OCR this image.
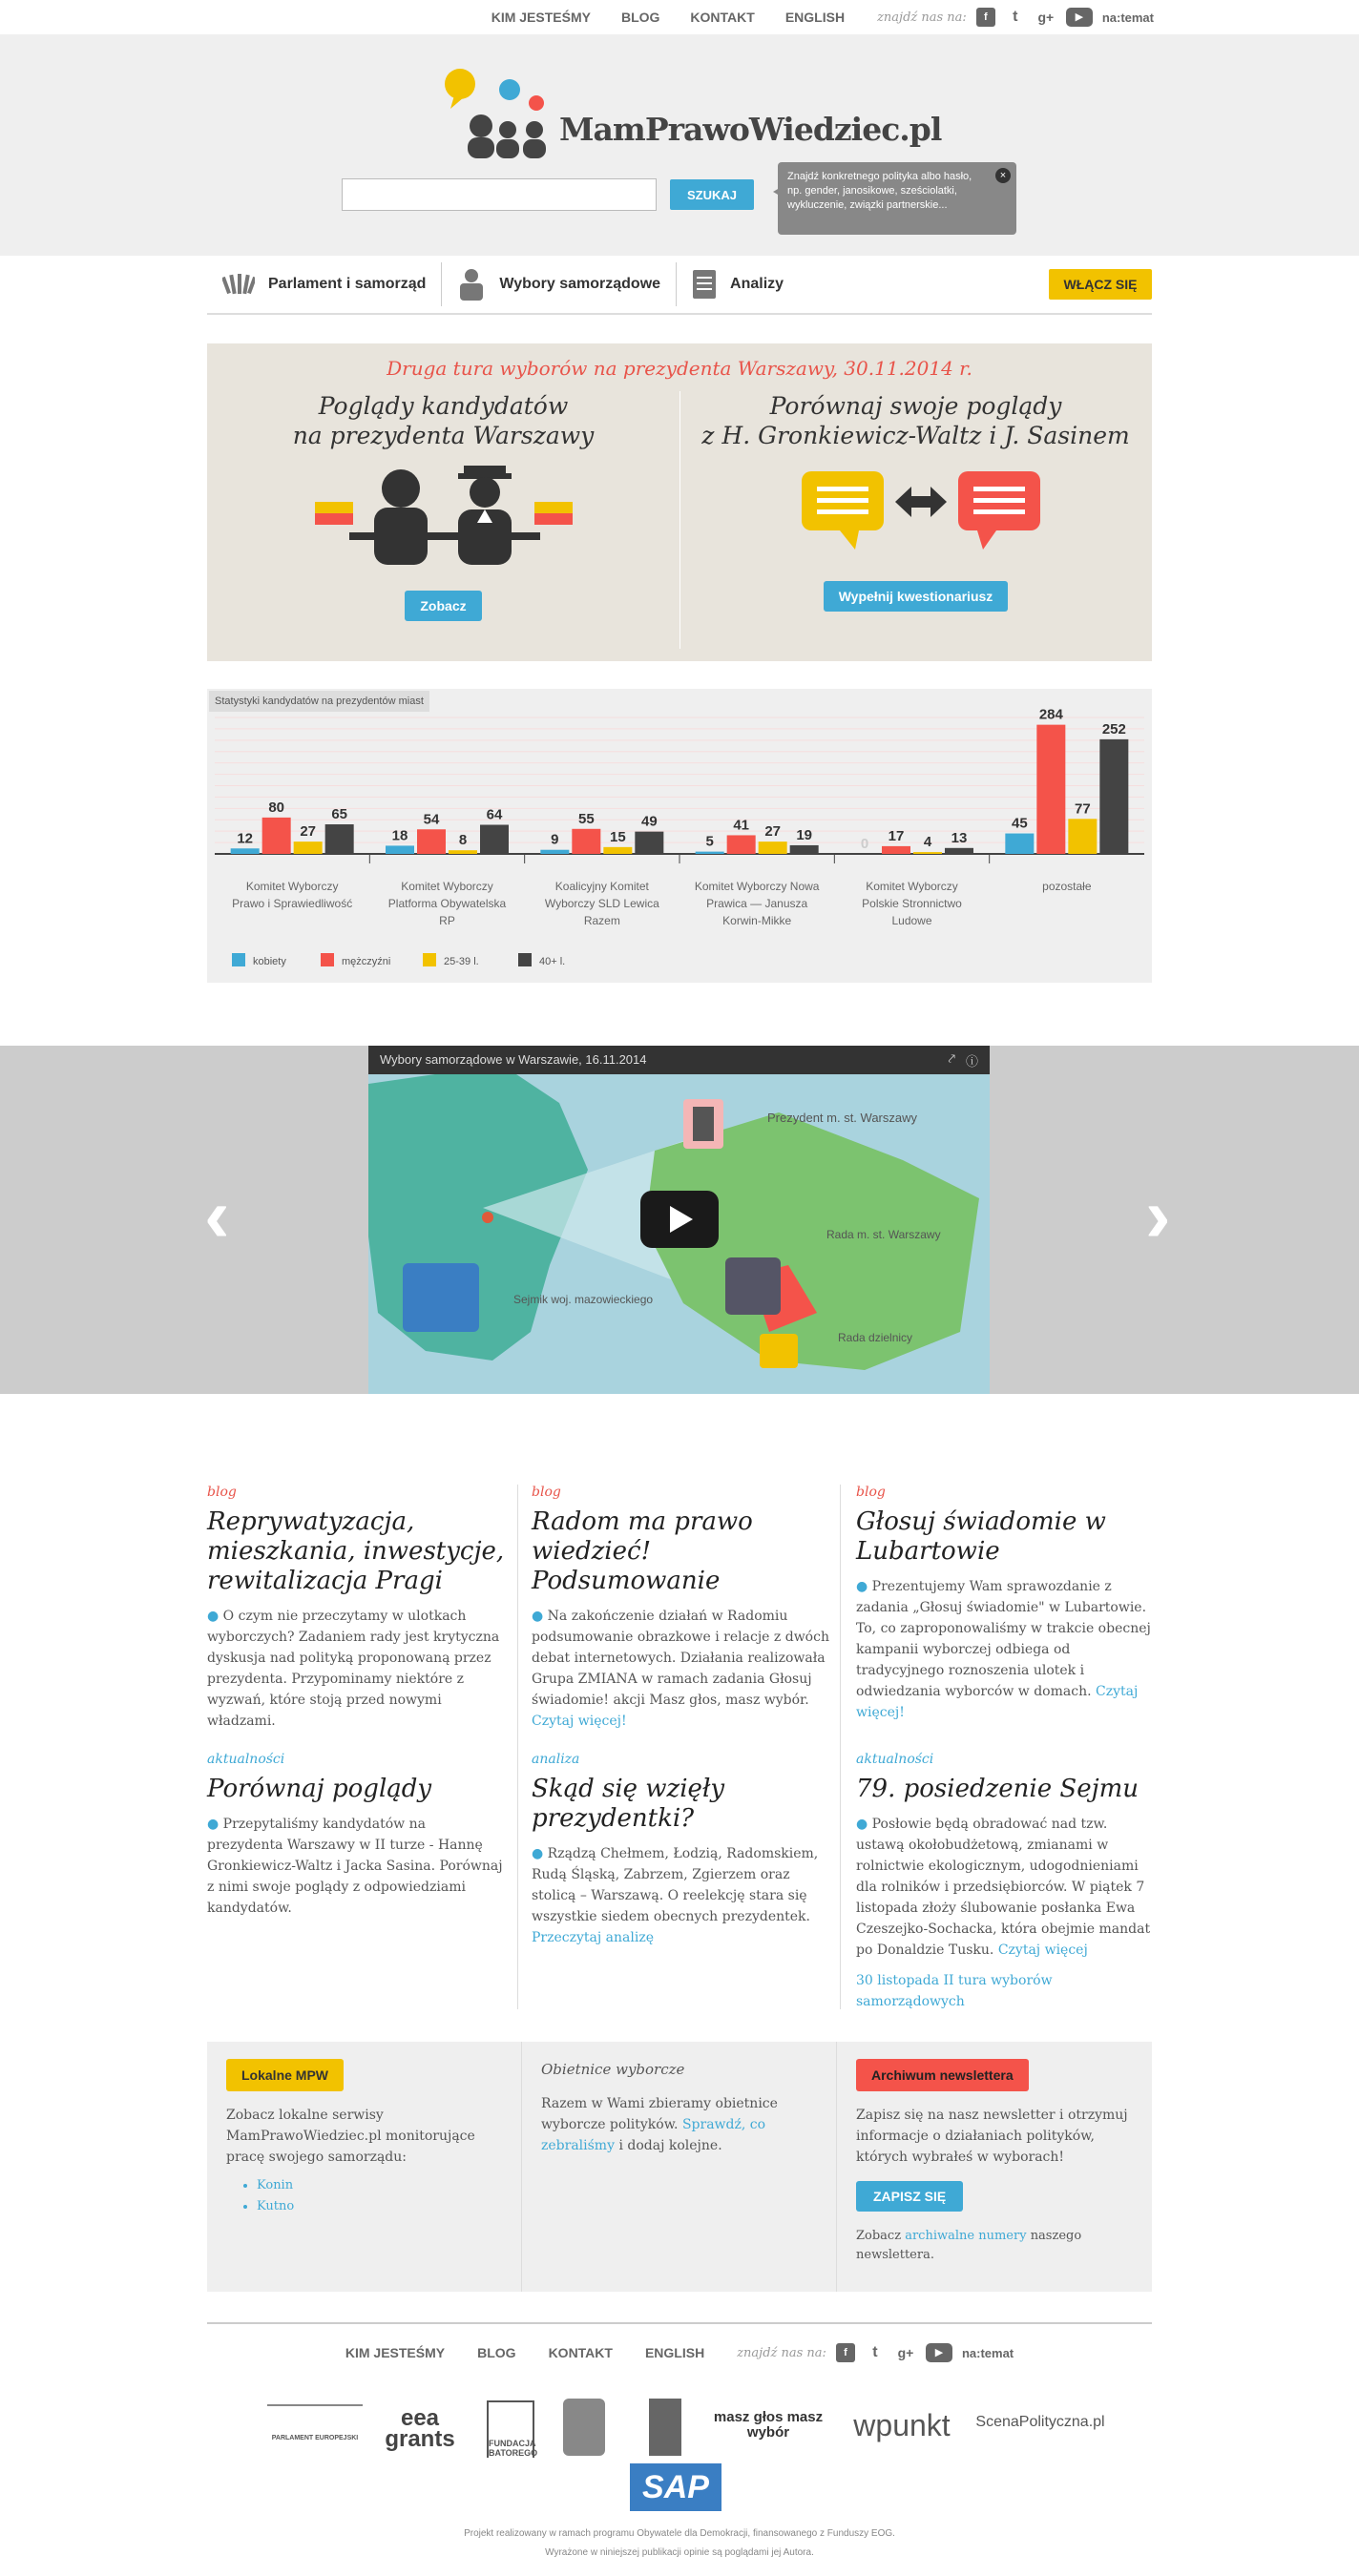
KIM JESTEŚMY BLOG KONTAKT ENGLISH	znajdź nas na:	f	t	g+	▶	na:temat
MamPrawoWiedziec.pl
SZUKAJ
Znajdź konkretnego polityka albo hasło, np. gender, janosikowe, sześciolatki, wykluczenie, związki partnerskie...
×
Parlament i samorząd	Wybory samorządowe	Analizy	WŁĄCZ SIĘ
Druga tura wyborów na prezydenta Warszawy, 30.11.2014 r.
Poglądy kandydatów
na prezydenta Warszawy
Zobacz
Porównaj swoje poglądy
z H. Gronkiewicz-Waltz i J. Sasinem
Wypełnij kwestionariusz
12
80
27
65
Komitet Wyborczy
Prawo i Sprawiedliwość
18
54
8
64
Komitet Wyborczy
Platforma Obywatelska
RP
9
55
15
49
Koalicyjny Komitet
Wyborczy SLD Lewica
Razem
5
41 27 19
Komitet Wyborczy Nowa
Prawica — Janusza
Korwin-Mikke
0 17 4 13
Komitet Wyborczy
Polskie Stronnictwo
Ludowe
45
284
77
252
pozostałe
kobiety	mężczyźni	25-39 l.	40+ l.
Statystyki kandydatów na prezydentów miast
‹	›
Prezydent m. st. Warszawy
Rada m. st. Warszawy
Sejmik woj. mazowieckiego
Rada dzielnicy
Wybory samorządowe w Warszawie, 16.11.2014	⤤ ⓘ
blog
Reprywatyzacja, mieszkania, inwestycje, rewitalizacja Pragi

● O czym nie przeczytamy w ulotkach wyborczych? Zadaniem rady jest krytyczna dyskusja nad polityką proponowaną przez prezydenta. Przypominamy niektóre z wyzwań, które stoją przed nowymi władzami.

blog
Radom ma prawo wiedzieć! Podsumowanie

● Na zakończenie działań w Radomiu podsumowanie obrazkowe i relacje z dwóch debat internetowych. Działania realizowała Grupa ZMIANA w ramach zadania Głosuj świadomie! akcji Masz głos, masz wybór. Czytaj więcej!

blog
Głosuj świadomie w Lubartowie

● Prezentujemy Wam sprawozdanie z zadania „Głosuj świadomie" w Lubartowie. To, co zaproponowaliśmy w trakcie obecnej kampanii wyborczej odbiega od tradycyjnego roznoszenia ulotek i odwiedzania wyborców w domach. Czytaj więcej!

aktualności
Porównaj poglądy

● Przepytaliśmy kandydatów na prezydenta Warszawy w II turze - Hannę Gronkiewicz-Waltz i Jacka Sasina. Porównaj z nimi swoje poglądy z odpowiedziami kandydatów.

analiza
Skąd się wzięły prezydentki?

● Rządzą Chełmem, Łodzią, Radomskiem, Rudą Śląską, Zabrzem, Zgierzem oraz stolicą – Warszawą. O reelekcję stara się wszystkie siedem obecnych prezydentek. Przeczytaj analizę

aktualności
79. posiedzenie Sejmu

● Posłowie będą obradować nad tzw. ustawą okołobudżetową, zmianami w rolnictwie ekologicznym, udogodnieniami dla rolników i przedsiębiorców. W piątek 7 listopada złoży ślubowanie posłanka Ewa Czeszejko-Sochacka, która obejmie mandat po Donaldzie Tusku. Czytaj więcej

30 listopada II tura wyborów samorządowych

Lokalne MPW

Zobacz lokalne serwisy MamPrawoWiedziec.pl monitorujące pracę swojego samorządu:

• Konin
• Kutno
Obietnice wyborcze

Razem w Wami zbieramy obietnice wyborcze polityków. Sprawdź, co zebraliśmy i dodaj kolejne.

Archiwum newslettera

Zapisz się na nasz newsletter i otrzymuj informacje o działaniach polityków, których wybrałeś w wyborach!

ZAPISZ SIĘ

Zobacz archiwalne numery naszego newslettera.

KIM JESTEŚMY BLOG KONTAKT ENGLISH	znajdź nas na:	f	t	g+	▶	na:temat
PARLAMENT EUROPEJSKI
eea grants	FUNDACJA BATOREGO
masz głos masz wybór	wpunkt	ScenaPolityczna.pl
SAP
Projekt realizowany w ramach programu Obywatele dla Demokracji, finansowanego z Funduszy EOG.
Wyrażone w niniejszej publikacji opinie są poglądami jej Autora.
